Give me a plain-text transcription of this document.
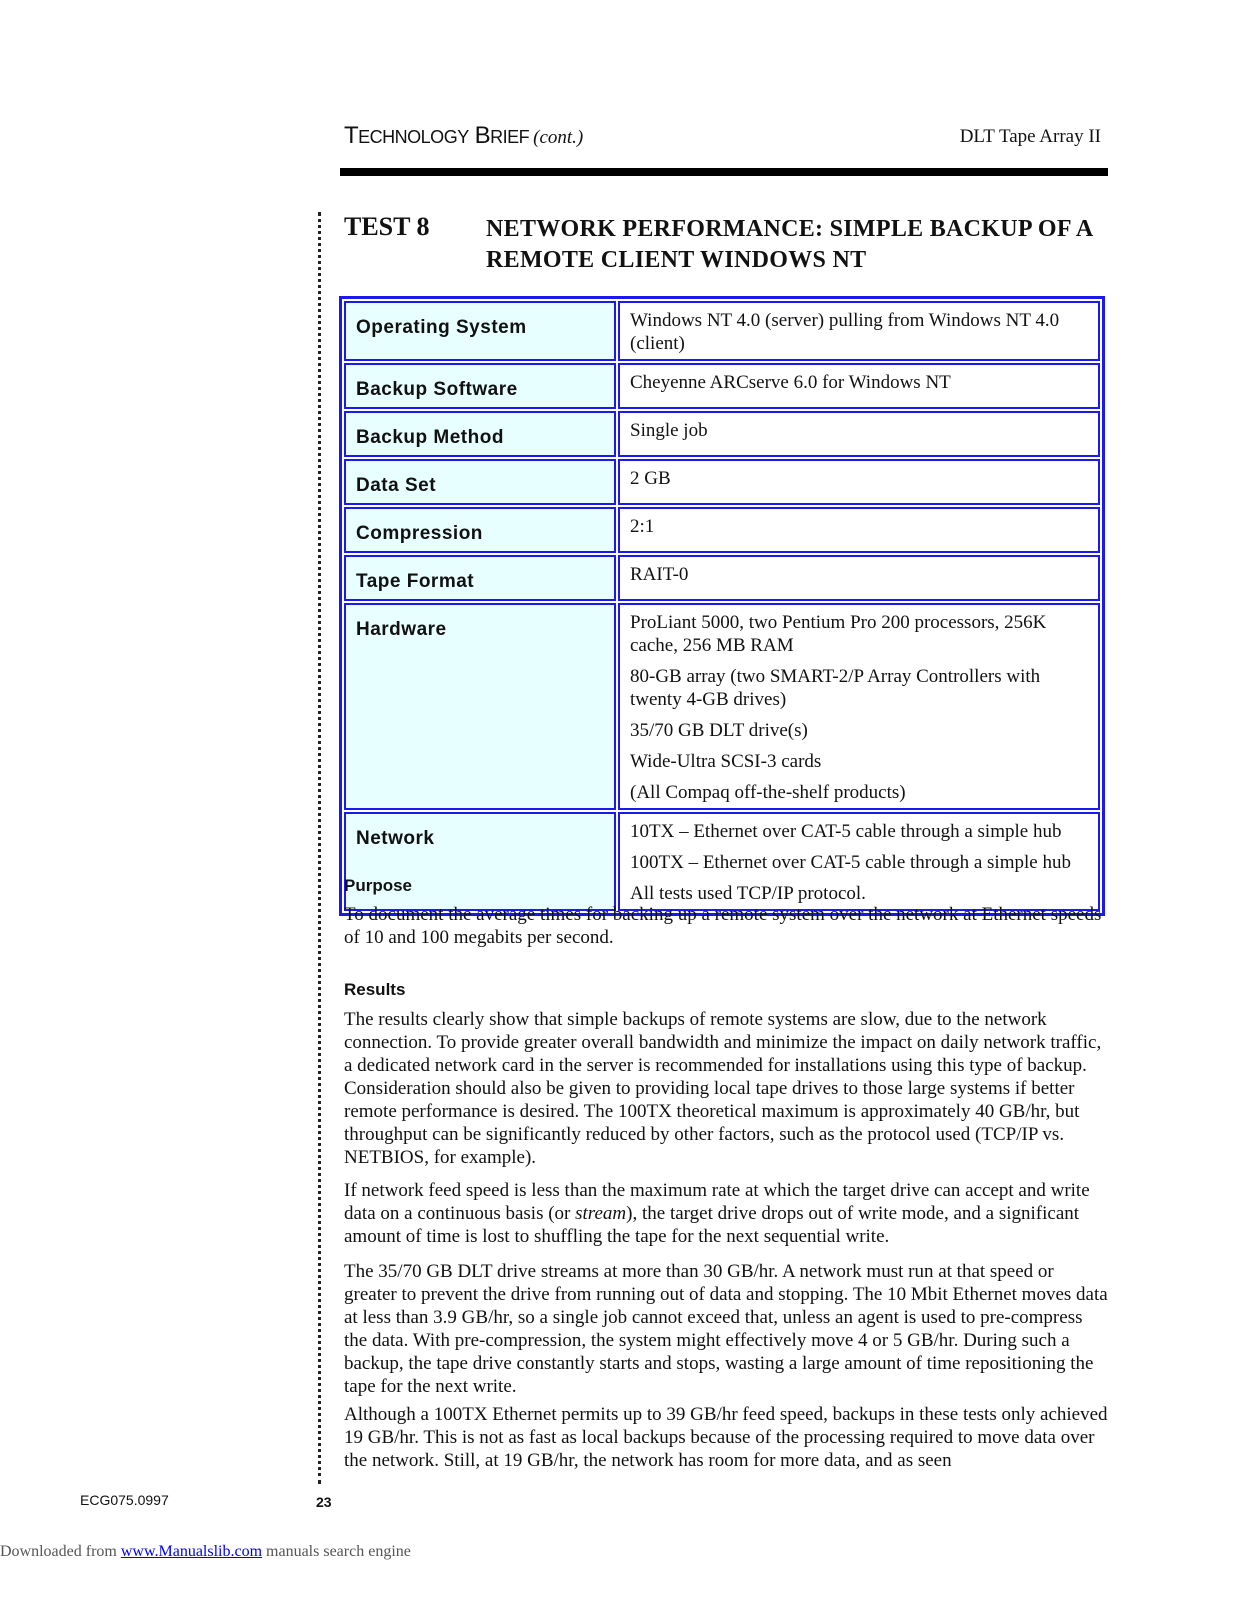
TECHNOLOGY BRIEF (cont.)	DLT Tape Array II
TEST 8 NETWORK PERFORMANCE: SIMPLE BACKUP OF A
REMOTE CLIENT WINDOWS NT
Operating System	Windows NT 4.0 (server) pulling from Windows NT 4.0 (client)

Backup Software	Cheyenne ARCserve 6.0 for Windows NT

Backup Method	Single job

Data Set	2 GB

Compression	2:1

Tape Format	RAIT-0

Hardware	ProLiant 5000, two Pentium Pro 200 processors, 256K cache, 256 MB RAM

80-GB array (two SMART-2/P Array Controllers with twenty 4-GB drives)

35/70 GB DLT drive(s)

Wide-Ultra SCSI-3 cards

(All Compaq off-the-shelf products)

Network	10TX – Ethernet over CAT-5 cable through a simple hub

100TX – Ethernet over CAT-5 cable through a simple hub

All tests used TCP/IP protocol.

Purpose

To document the average times for backing up a remote system over the network at Ethernet speeds of 10 and 100 megabits per second.

Results

The results clearly show that simple backups of remote systems are slow, due to the network connection. To provide greater overall bandwidth and minimize the impact on daily network traffic, a dedicated network card in the server is recommended for installations using this type of backup. Consideration should also be given to providing local tape drives to those large systems if better remote performance is desired. The 100TX theoretical maximum is approximately 40 GB/hr, but throughput can be significantly reduced by other factors, such as the protocol used (TCP/IP vs. NETBIOS, for example).

If network feed speed is less than the maximum rate at which the target drive can accept and write data on a continuous basis (or stream), the target drive drops out of write mode, and a significant amount of time is lost to shuffling the tape for the next sequential write.

The 35/70 GB DLT drive streams at more than 30 GB/hr. A network must run at that speed or greater to prevent the drive from running out of data and stopping. The 10 Mbit Ethernet moves data at less than 3.9 GB/hr, so a single job cannot exceed that, unless an agent is used to pre-compress the data. With pre-compression, the system might effectively move 4 or 5 GB/hr. During such a backup, the tape drive constantly starts and stops, wasting a large amount of time repositioning the tape for the next write.

Although a 100TX Ethernet permits up to 39 GB/hr feed speed, backups in these tests only achieved 19 GB/hr. This is not as fast as local backups because of the processing required to move data over the network. Still, at 19 GB/hr, the network has room for more data, and as seen

ECG075.0997	23
Downloaded from www.Manualslib.com manuals search engine
